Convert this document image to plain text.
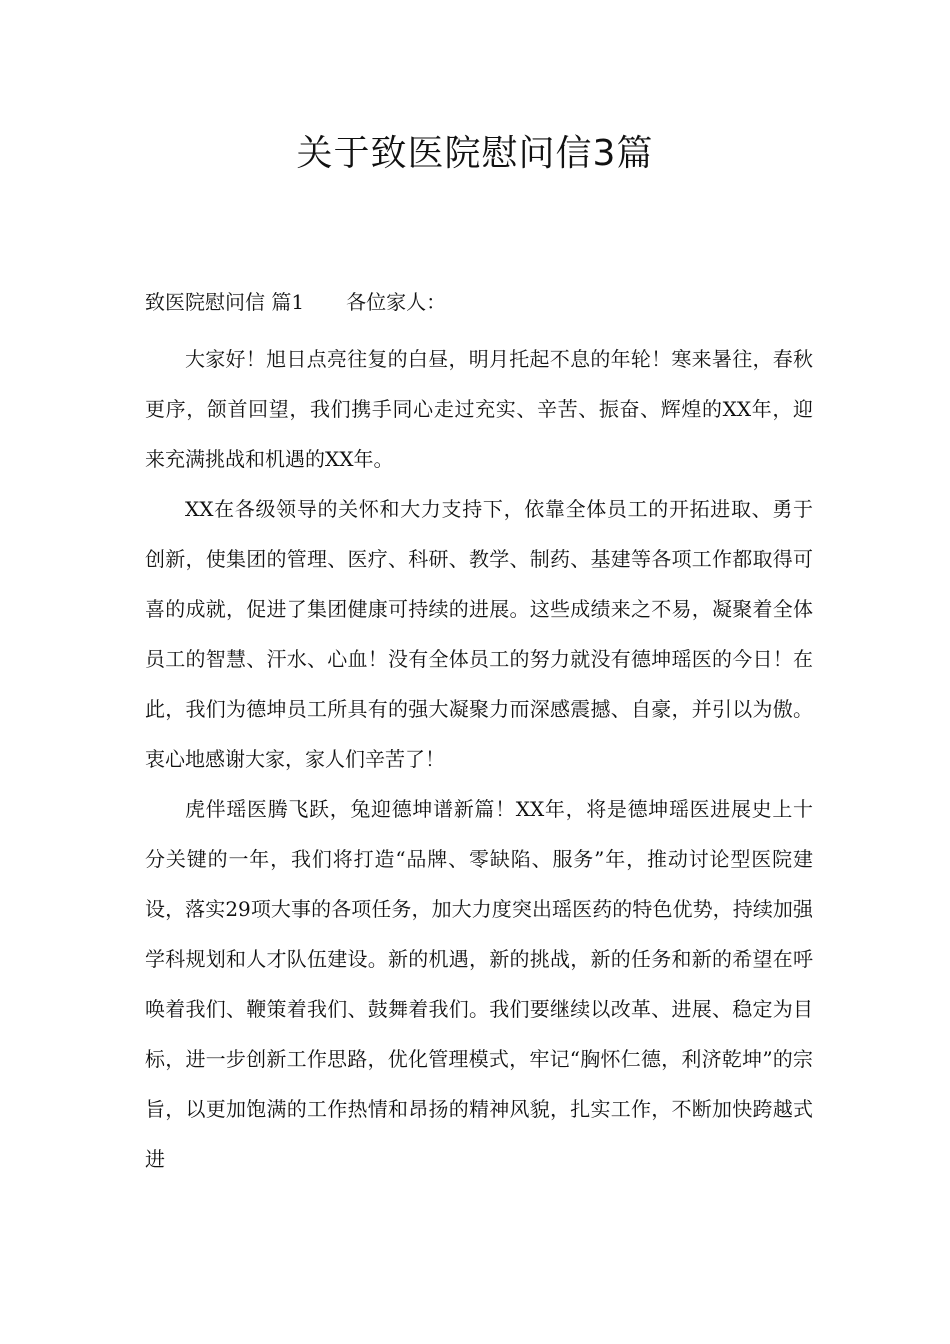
关于致医院慰问信3篇
致医院慰问信 篇1 各位家人：

大家好！旭日点亮往复的白昼，明月托起不息的年轮！寒来暑往，春秋更序，颌首回望，我们携手同心走过充实、辛苦、振奋、辉煌的XX年，迎来充满挑战和机遇的XX年。

XX在各级领导的关怀和大力支持下，依靠全体员工的开拓进取、勇于创新，使集团的管理、医疗、科研、教学、制药、基建等各项工作都取得可喜的成就，促进了集团健康可持续的进展。这些成绩来之不易，凝聚着全体员工的智慧、汗水、心血！没有全体员工的努力就没有德坤瑶医的今日！在此，我们为德坤员工所具有的强大凝聚力而深感震撼、自豪，并引以为傲。衷心地感谢大家，家人们辛苦了！

虎伴瑶医腾飞跃，兔迎德坤谱新篇！XX年，将是德坤瑶医进展史上十分关键的一年，我们将打造“品牌、零缺陷、服务”年，推动讨论型医院建设，落实29项大事的各项任务，加大力度突出瑶医药的特色优势，持续加强学科规划和人才队伍建设。新的机遇，新的挑战，新的任务和新的希望在呼唤着我们、鞭策着我们、鼓舞着我们。我们要继续以改革、进展、稳定为目标，进一步创新工作思路，优化管理模式，牢记“胸怀仁德，利济乾坤”的宗旨，以更加饱满的工作热情和昂扬的精神风貌，扎实工作，不断加快跨越式进
